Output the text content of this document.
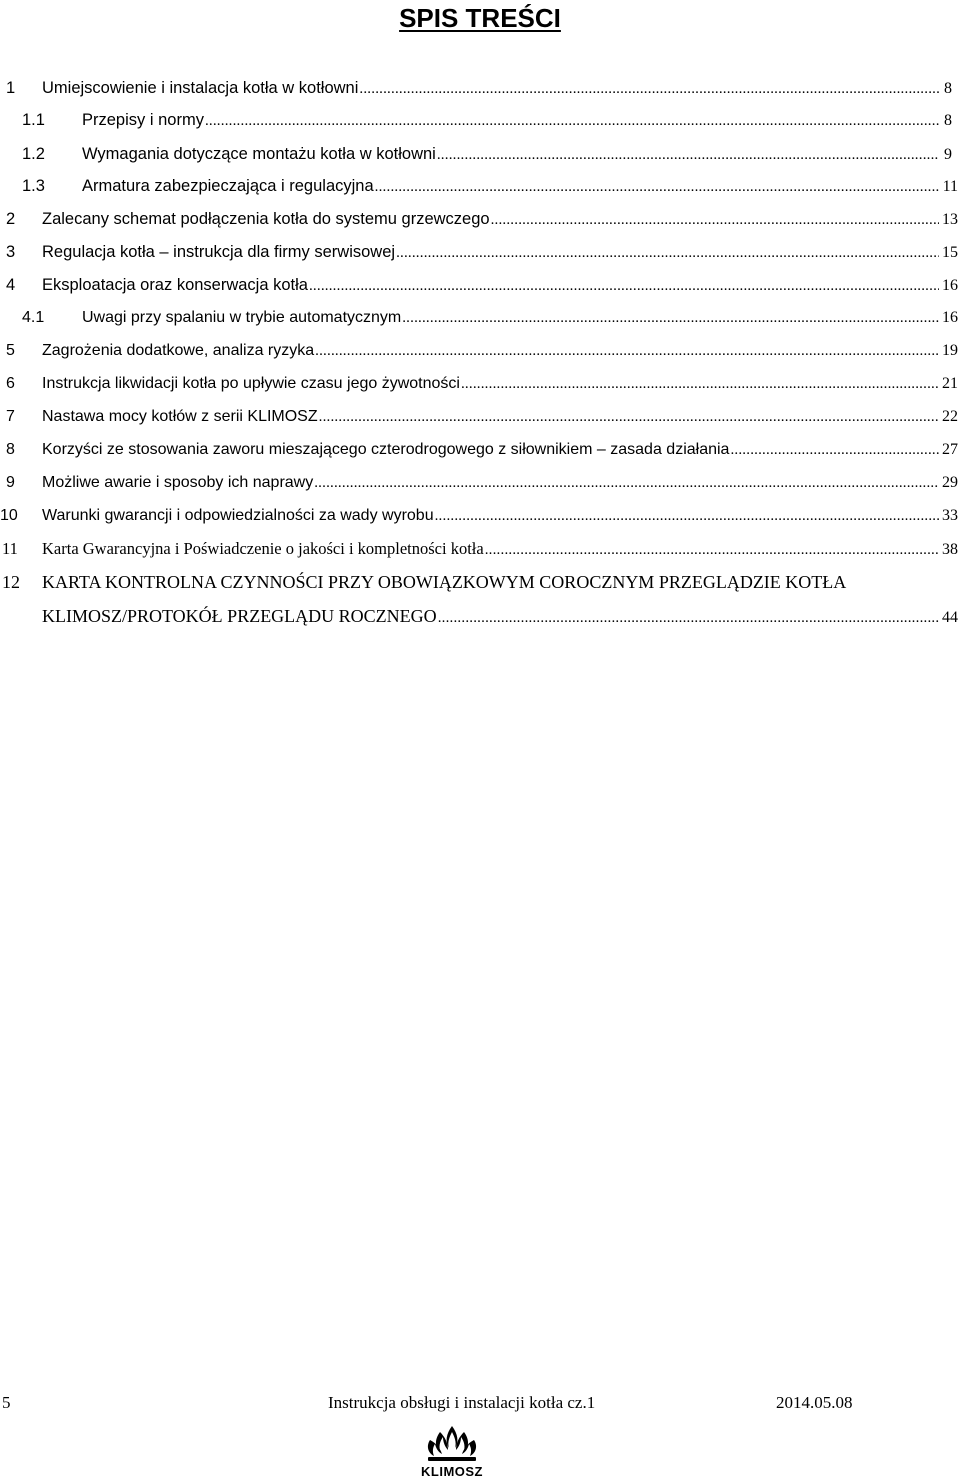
SPIS TREŚCI
1	Umiejscowienie i instalacja kotła w kotłowni .....	8
1.1	Przepisy i normy .....	8
1.2	Wymagania dotyczące montażu kotła w kotłowni .....	9
1.3	Armatura zabezpieczająca i regulacyjna .....	11
2	Zalecany schemat podłączenia kotła do systemu grzewczego .....	13
3	Regulacja kotła – instrukcja dla firmy serwisowej .....	15
4	Eksploatacja oraz konserwacja kotła .....	16
4.1	Uwagi przy spalaniu w trybie automatycznym .....	16
5	Zagrożenia dodatkowe, analiza ryzyka .....	19
6	Instrukcja likwidacji kotła po upływie czasu jego żywotności .....	21
7	Nastawa mocy kotłów z serii KLIMOSZ .....	22
8	Korzyści ze stosowania zaworu mieszającego czterodrogowego z siłownikiem – zasada działania .....	27
9	Możliwe awarie i sposoby ich naprawy .....	29
10	Warunki gwarancji i odpowiedzialności za wady wyrobu .....	33
11	Karta Gwarancyjna i Poświadczenie o jakości i kompletności kotła .....	38
12	KARTA KONTROLNA CZYNNOŚCI PRZY OBOWIĄZKOWYM COROCZNYM PRZEGLĄDZIE KOTŁA
KLIMOSZ/PROTOKÓŁ PRZEGLĄDU ROCZNEGO .....	44
5	Instrukcja obsługi i instalacji kotła cz.1	2014.05.08
KLIMOSZ
